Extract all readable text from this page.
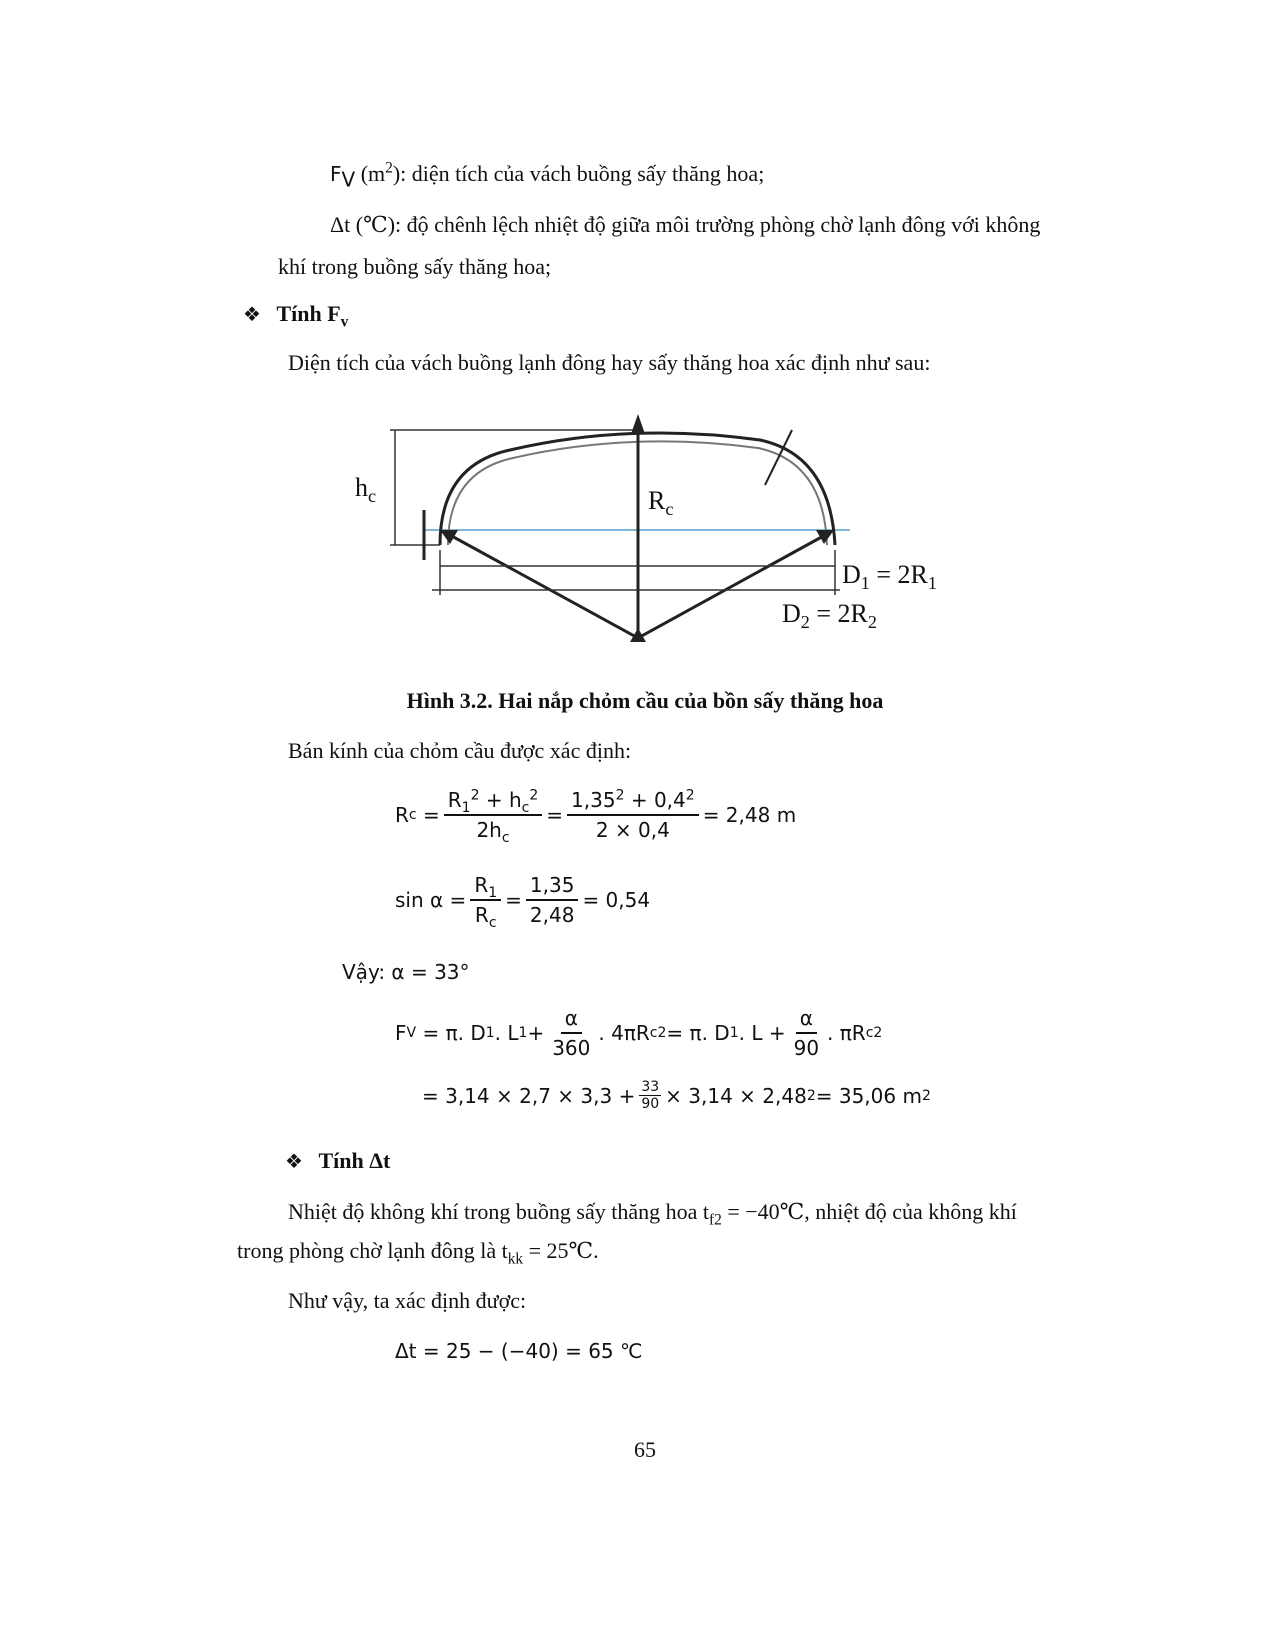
$F_V$ $(m^2)$: diện tích của vách buồng sấy thăng hoa;
Δt (℃): độ chênh lệch nhiệt độ giữa môi trường phòng chờ lạnh đông với không
khí trong buồng sấy thăng hoa;
❖ Tính $F_v$
Diện tích của vách buồng lạnh đông hay sấy thăng hoa xác định như sau:
$h_c$	$R_c$
$D_1 = 2R_1$
$D_2 = 2R_2$
Hình 3.2. Hai nắp chỏm cầu của bồn sấy thăng hoa
Bán kính của chỏm cầu được xác định:
R c
= $\frac{R_1^2 + h_c^2}{2h_c} = \frac{1,35^2 + 0,4^2}{2 \times 0,4} = 2,48$ m
$\sin \alpha = \frac{R_1}{R_c} = \frac{1,35}{2,48} = 0,54$
Vậy: α = 33°
F V
= π. D 1 . L $1 + \frac{\alpha}{360}$ . 4πR c 2 = π. D 1 . $L + \frac{\alpha}{90}$ . πR c 2
= $3,14 \times 2,7 \times 3,3 + \frac{33}{90} \times 3,14 \times 2,48$ 2 = 35,06 m 2
❖ Tính Δt
Nhiệt độ không khí trong buồng sấy thăng hoa $t_{f2}$ = −40℃, nhiệt độ của không khí
trong phòng chờ lạnh đông là $t_{kk}$ = 25℃.
Như vậy, ta xác định được:
Δt = 25 − (−40) = 65 ℃
65
